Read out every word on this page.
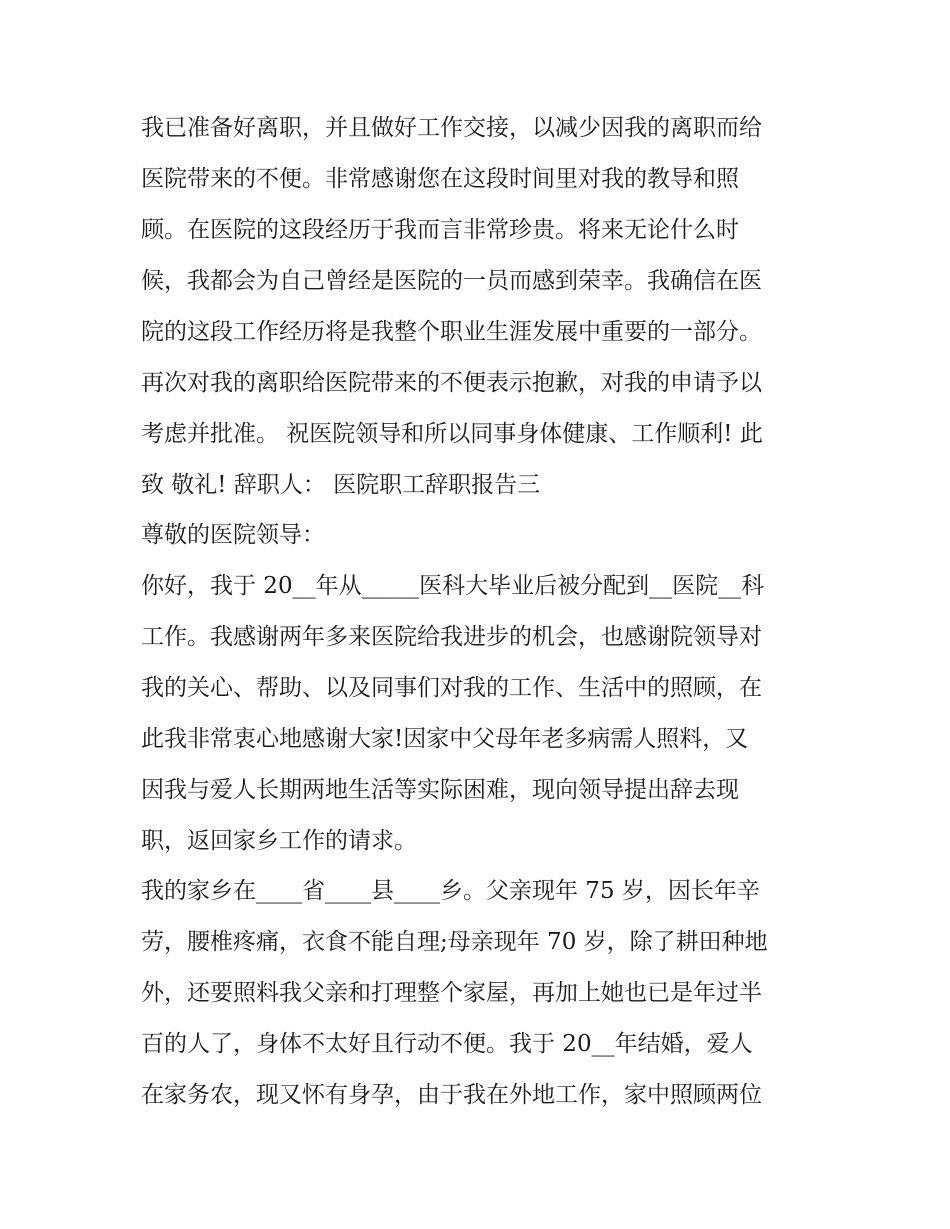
我已准备好离职，并且做好工作交接，以减少因我的离职而给
医院带来的不便。非常感谢您在这段时间里对我的教导和照
顾。在医院的这段经历于我而言非常珍贵。将来无论什么时
候，我都会为自己曾经是医院的一员而感到荣幸。我确信在医
院的这段工作经历将是我整个职业生涯发展中重要的一部分。
再次对我的离职给医院带来的不便表示抱歉，对我的申请予以
考虑并批准。 祝医院领导和所以同事身体健康、工作顺利! 此
致 敬礼! 辞职人： 医院职工辞职报告三
尊敬的医院领导：
你好，我于 20__年从_____医科大毕业后被分配到__医院__科
工作。我感谢两年多来医院给我进步的机会，也感谢院领导对
我的关心、帮助、以及同事们对我的工作、生活中的照顾，在
此我非常衷心地感谢大家!因家中父母年老多病需人照料，又
因我与爱人长期两地生活等实际困难，现向领导提出辞去现
职，返回家乡工作的请求。
我的家乡在____省____县____乡。父亲现年 75 岁，因长年辛
劳，腰椎疼痛，衣食不能自理;母亲现年 70 岁，除了耕田种地
外，还要照料我父亲和打理整个家屋，再加上她也已是年过半
百的人了，身体不太好且行动不便。我于 20__年结婚，爱人
在家务农，现又怀有身孕，由于我在外地工作，家中照顾两位
